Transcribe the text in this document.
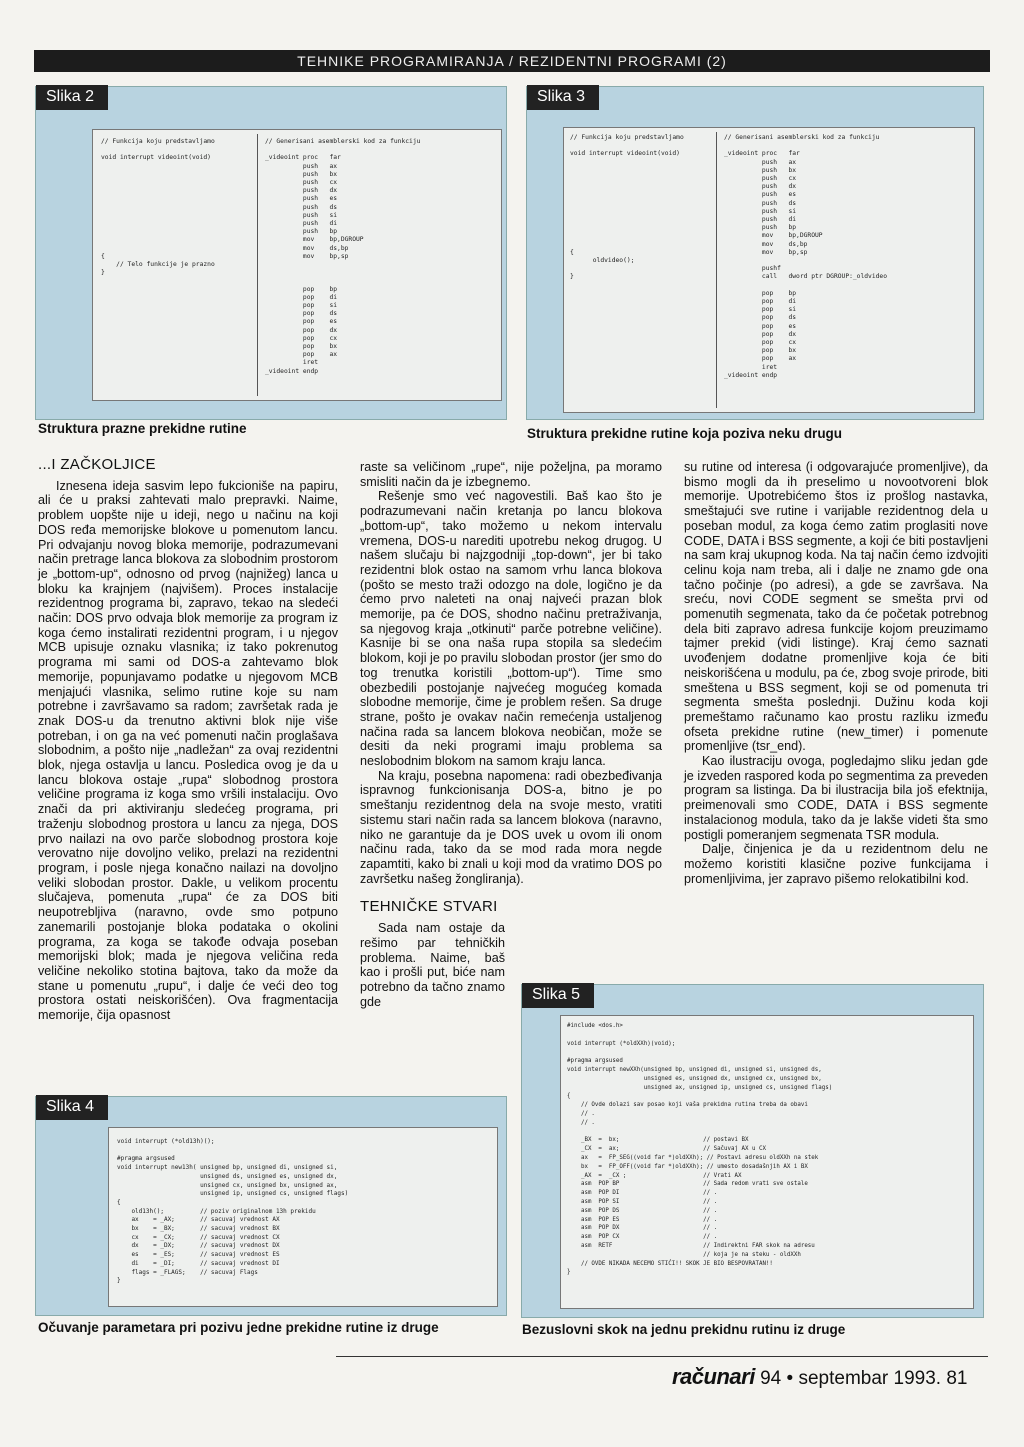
TEHNIKE PROGRAMIRANJA / REZIDENTNI PROGRAMI (2)
Slika 2
// Funkcija koju predstavljamo

void interrupt videoint(void)

{
// Telo funkcije je prazno
}
// Generisani asemblerski kod za funkciju

_videoint proc   far
push   ax
push   bx
push   cx
push   dx
push   es
push   ds
push   si
push   di
push   bp
mov    bp,DGROUP
mov    ds,bp
mov    bp,sp

pop    bp
pop    di
pop    si
pop    ds
pop    es
pop    dx
pop    cx
pop    bx
pop    ax
iret
_videoint endp
Struktura prazne prekidne rutine
Slika 3
// Funkcija koju predstavljamo

void interrupt videoint(void)

{
oldvideo();

}
// Generisani asemblerski kod za funkciju

_videoint proc   far
push   ax
push   bx
push   cx
push   dx
push   es
push   ds
push   si
push   di
push   bp
mov    bp,DGROUP
mov    ds,bp
mov    bp,sp

pushf
call   dword ptr DGROUP:_oldvideo

pop    bp
pop    di
pop    si
pop    ds
pop    es
pop    dx
pop    cx
pop    bx
pop    ax
iret
_videoint endp
Struktura prekidne rutine koja poziva neku drugu
...I ZAČKOLJICE

Iznesena ideja sasvim lepo fukcioniše na papiru, ali će u praksi zahtevati malo prepravki. Naime, problem uopšte nije u ideji, nego u načinu na koji DOS ređa memorijske blokove u pomenutom lancu. Pri odvajanju novog bloka memorije, podrazumevani način pretrage lanca blokova za slobodnim prostorom je „bottom-up“, odnosno od prvog (najnižeg) lanca u bloku ka krajnjem (najvišem). Proces instalacije rezidentnog programa bi, zapravo, tekao na sledeći način: DOS prvo odvaja blok memorije za program iz koga ćemo instalirati rezidentni program, i u njegov MCB upisuje oznaku vlasnika; iz tako pokrenutog programa mi sami od DOS-a zahtevamo blok memorije, popunjavamo podatke u njegovom MCB menjajući vlasnika, selimo rutine koje su nam potrebne i završavamo sa radom; završetak rada je znak DOS-u da trenutno aktivni blok nije više potreban, i on ga na već pomenuti način proglašava slobodnim, a pošto nije „nadležan“ za ovaj rezidentni blok, njega ostavlja u lancu. Posledica ovog je da u lancu blokova ostaje „rupa“ slobodnog prostora veličine programa iz koga smo vršili instalaciju. Ovo znači da pri aktiviranju sledećeg programa, pri traženju slobodnog prostora u lancu za njega, DOS prvo nailazi na ovo parče slobodnog prostora koje verovatno nije dovoljno veliko, prelazi na rezidentni program, i posle njega konačno nailazi na dovoljno veliki slobodan prostor. Dakle, u velikom procentu slučajeva, pomenuta „rupa“ će za DOS biti neupotrebljiva (naravno, ovde smo potpuno zanemarili postojanje bloka podataka o okolini programa, za koga se takođe odvaja poseban memorijski blok; mada je njegova veličina reda veličine nekoliko stotina bajtova, tako da može da stane u pomenutu „rupu“, i dalje će veći deo tog prostora ostati neiskorišćen). Ova fragmentacija memorije, čija opasnost

raste sa veličinom „rupe“, nije poželjna, pa moramo smisliti način da je izbegnemo.

Rešenje smo već nagovestili. Baš kao što je podrazumevani način kretanja po lancu blokova „bottom-up“, tako možemo u nekom intervalu vremena, DOS-u narediti upotrebu nekog drugog. U našem slučaju bi najzgodniji „top-down“, jer bi tako rezidentni blok ostao na samom vrhu lanca blokova (pošto se mesto traži odozgo na dole, logično je da ćemo prvo naleteti na onaj najveći prazan blok memorije, pa će DOS, shodno načinu pretraživanja, sa njegovog kraja „otkinuti“ parče potrebne veličine). Kasnije bi se ona naša rupa stopila sa sledećim blokom, koji je po pravilu slobodan prostor (jer smo do tog trenutka koristili „bottom-up“). Time smo obezbedili postojanje najvećeg mogućeg komada slobodne memorije, čime je problem rešen. Sa druge strane, pošto je ovakav način remećenja ustaljenog načina rada sa lancem blokova neobičan, može se desiti da neki programi imaju problema sa neslobodnim blokom na samom kraju lanca.

Na kraju, posebna napomena: radi obezbeđivanja ispravnog funkcionisanja DOS-a, bitno je po smeštanju rezidentnog dela na svoje mesto, vratiti sistemu stari način rada sa lancem blokova (naravno, niko ne garantuje da je DOS uvek u ovom ili onom načinu rada, tako da se mod rada mora negde zapamtiti, kako bi znali u koji mod da vratimo DOS po završetku našeg žongliranja).

TEHNIČKE STVARI

Sada nam ostaje da rešimo par tehničkih problema. Naime, baš kao i prošli put, biće nam potrebno da tačno znamo gde

su rutine od interesa (i odgovarajuće promenljive), da bismo mogli da ih preselimo u novootvoreni blok memorije. Upotrebićemo štos iz prošlog nastavka, smeštajući sve rutine i varijable rezidentnog dela u poseban modul, za koga ćemo zatim proglasiti nove CODE, DATA i BSS segmente, a koji će biti postavljeni na sam kraj ukupnog koda. Na taj način ćemo izdvojiti celinu koja nam treba, ali i dalje ne znamo gde ona tačno počinje (po adresi), a gde se završava. Na sreću, novi CODE segment se smešta prvi od pomenutih segmenata, tako da će početak potrebnog dela biti zapravo adresa funkcije kojom preuzimamo tajmer prekid (vidi listinge). Kraj ćemo saznati uvođenjem dodatne promenljive koja će biti neiskorišćena u modulu, pa će, zbog svoje prirode, biti smeštena u BSS segment, koji se od pomenuta tri segmenta smešta poslednji. Dužinu koda koji premeštamo računamo kao prostu razliku između ofseta prekidne rutine (new_timer) i pomenute promenljive (tsr_end).

Kao ilustraciju ovoga, pogledajmo sliku jedan gde je izveden raspored koda po segmentima za preveden program sa listinga. Da bi ilustracija bila još efektnija, preimenovali smo CODE, DATA i BSS segmente instalacionog modula, tako da je lakše videti šta smo postigli pomeranjem segmenata TSR modula.

Dalje, činjenica je da u rezidentnom delu ne možemo koristiti klasične pozive funkcijama i promenljivima, jer zapravo pišemo relokatibilni kod.

Slika 5
#include <dos.h>

void interrupt (*oldXXh)(void);

#pragma argsused
void interrupt newXXh(unsigned bp, unsigned di, unsigned si, unsigned ds,
unsigned es, unsigned dx, unsigned cx, unsigned bx,
unsigned ax, unsigned ip, unsigned cs, unsigned flags)
{
// Ovde dolazi sav posao koji vaša prekidna rutina treba da obavi
// .
// .

_BX  =  bx;                        // postavi BX
_CX  =  ax;                        // Sačuvaj AX u CX
ax   =  FP_SEG((void far *)oldXXh); // Postavi adresu oldXXh na stek
bx   =  FP_OFF((void far *)oldXXh); // umesto dosadašnjih AX i BX
_AX  =  _CX ;                      // Vrati AX
asm  POP BP                        // Sada redom vrati sve ostale
asm  POP DI                        // .
asm  POP SI                        // .
asm  POP DS                        // .
asm  POP ES                        // .
asm  POP DX                        // .
asm  POP CX                        // .
asm  RETF                          // Indirektni FAR skok na adresu
// koja je na steku - oldXXh
// OVDE NIKADA NECEMO STIĆI!! SKOK JE BIO BESPOVRATAN!!
}
Bezuslovni skok na jednu prekidnu rutinu iz druge
Slika 4
void interrupt (*old13h)();

#pragma argsused
void interrupt new13h( unsigned bp, unsigned di, unsigned si,
unsigned ds, unsigned es, unsigned dx,
unsigned cx, unsigned bx, unsigned ax,
unsigned ip, unsigned cs, unsigned flags)
{
old13h();          // poziv originalnom 13h prekidu
ax    = _AX;       // sacuvaj vrednost AX
bx    = _BX;       // sacuvaj vrednost BX
cx    = _CX;       // sacuvaj vrednost CX
dx    = _DX;       // sacuvaj vrednost DX
es    = _ES;       // sacuvaj vrednost ES
di    = _DI;       // sacuvaj vrednost DI
flags = _FLAGS;    // sacuvaj Flags
}
Očuvanje parametara pri pozivu jedne prekidne rutine iz druge
računari 94 • septembar 1993. 81
